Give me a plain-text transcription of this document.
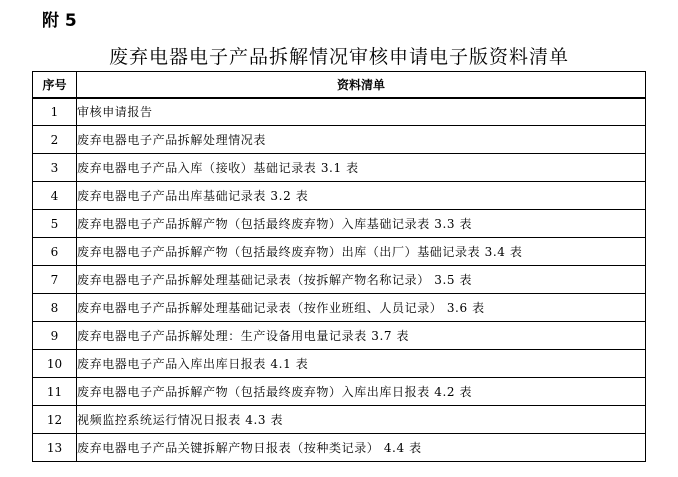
附 5
废弃电器电子产品拆解情况审核申请电子版资料清单
序号	资料清单
1	审核申请报告
2	废弃电器电子产品拆解处理情况表
3	废弃电器电子产品入库（接收）基础记录表 3.1 表
4	废弃电器电子产品出库基础记录表 3.2 表
5	废弃电器电子产品拆解产物（包括最终废弃物）入库基础记录表 3.3 表
6	废弃电器电子产品拆解产物（包括最终废弃物）出库（出厂）基础记录表 3.4 表
7	废弃电器电子产品拆解处理基础记录表（按拆解产物名称记录） 3.5 表
8	废弃电器电子产品拆解处理基础记录表（按作业班组、人员记录） 3.6 表
9	废弃电器电子产品拆解处理：生产设备用电量记录表 3.7 表
10	废弃电器电子产品入库出库日报表 4.1 表
11	废弃电器电子产品拆解产物（包括最终废弃物）入库出库日报表 4.2 表
12	视频监控系统运行情况日报表 4.3 表
13	废弃电器电子产品关键拆解产物日报表（按种类记录） 4.4 表
